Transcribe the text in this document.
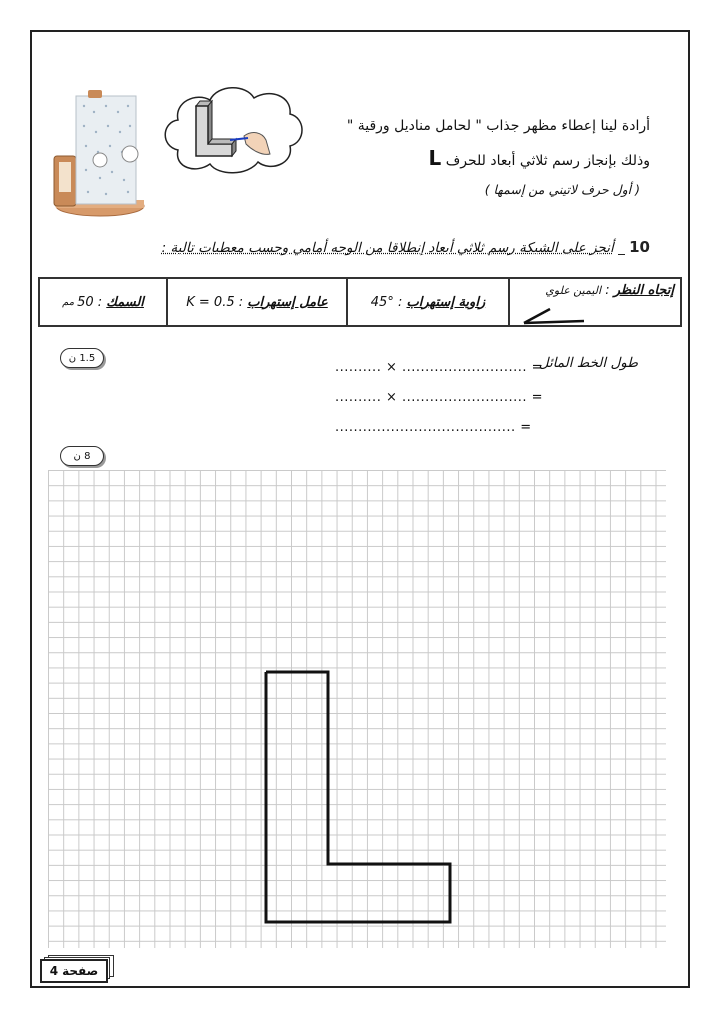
أرادة لينا إعطاء مظهر جذاب " لحامل مناديل ورقية "
وذلك بإنجاز رسم ثلاثي أبعاد للحرف L
( أول حرف لاتيني من إسمها )
10 _ أنجز على الشبكة رسم ثلاثي أبعاد إنطلاقا من الوجه أمامي وحسب معطيات تالية :
إتجاه النظر : اليمين علوي
زاوية إستهراب
:
45°
عامل إستهراب
:
K = 0.5
السمك
:
50
مم
1.5 ن
8 ن
طول الخط المائل
.......... × ........................... =
.......... × ........................... =
....................................... =
صفحة
4
